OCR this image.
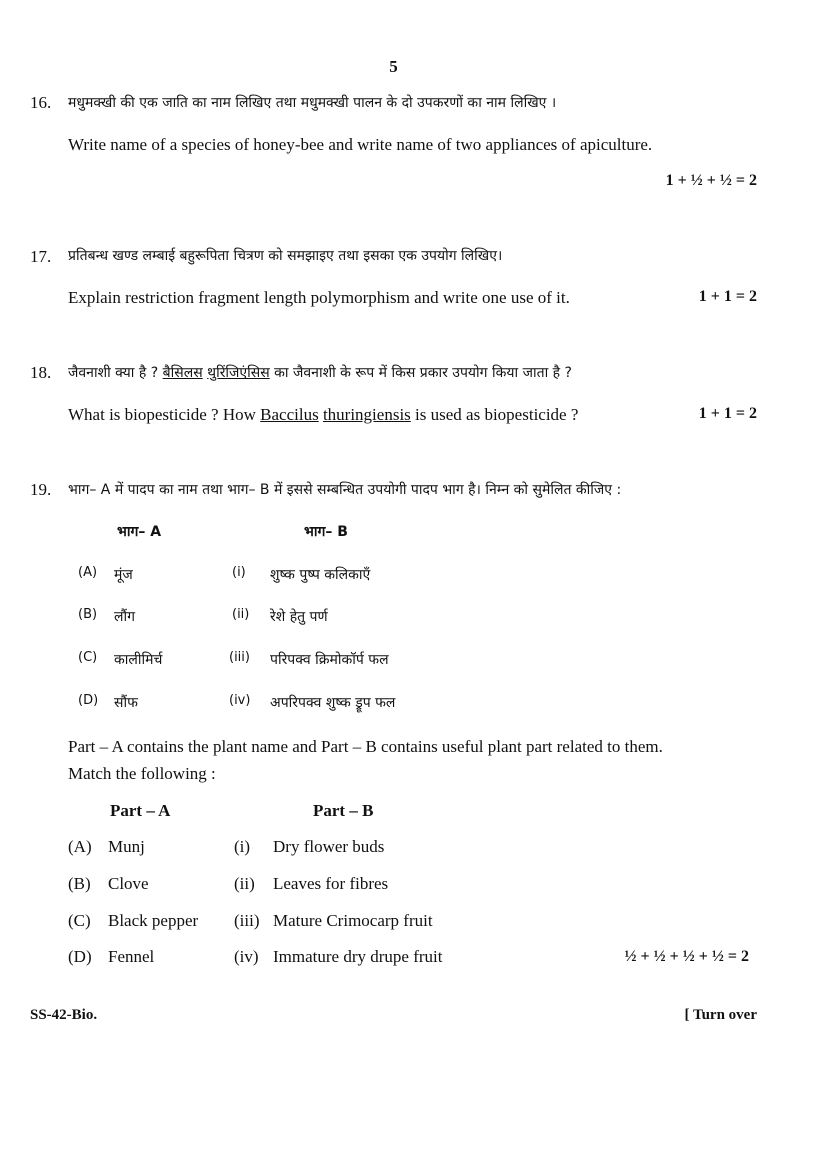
5
16. मधुमक्खी की एक जाति का नाम लिखिए तथा मधुमक्खी पालन के दो उपकरणों का नाम लिखिए ।
Write name of a species of honey-bee and write name of two appliances of apiculture.
1 + ½ + ½ = 2
17. प्रतिबन्ध खण्ड लम्बाई बहुरूपिता चित्रण को समझाइए तथा इसका एक उपयोग लिखिए।
Explain restriction fragment length polymorphism and write one use of it.	1 + 1 = 2
18. जैवनाशी क्या है ? बैसिलस थुरिंजिएंसिस का जैवनाशी के रूप में किस प्रकार उपयोग किया जाता है ?
What is biopesticide ? How Baccilus thuringiensis is used as biopesticide ?	1 + 1 = 2
19. भाग– A में पादप का नाम तथा भाग– B में इससे सम्बन्धित उपयोगी पादप भाग है। निम्न को सुमेलित कीजिए :
भाग– A	भाग– B
(A) मूंज	(i) शुष्क पुष्प कलिकाएँ
(B) लौंग	(ii) रेशे हेतु पर्ण
(C) कालीमिर्च	(iii) परिपक्व क्रिमोकॉर्प फल
(D) सौंफ	(iv) अपरिपक्व शुष्क ड्रूप फल
Part – A contains the plant name and Part – B contains useful plant part related to them.
Match the following :
Part – A	Part – B
(A) Munj	(i) Dry flower buds
(B) Clove	(ii) Leaves for fibres
(C) Black pepper (iii) Mature Crimocarp fruit
(D) Fennel	(iv) Immature dry drupe fruit	½ + ½ + ½ + ½ = 2
SS-42-Bio.	[ Turn over
